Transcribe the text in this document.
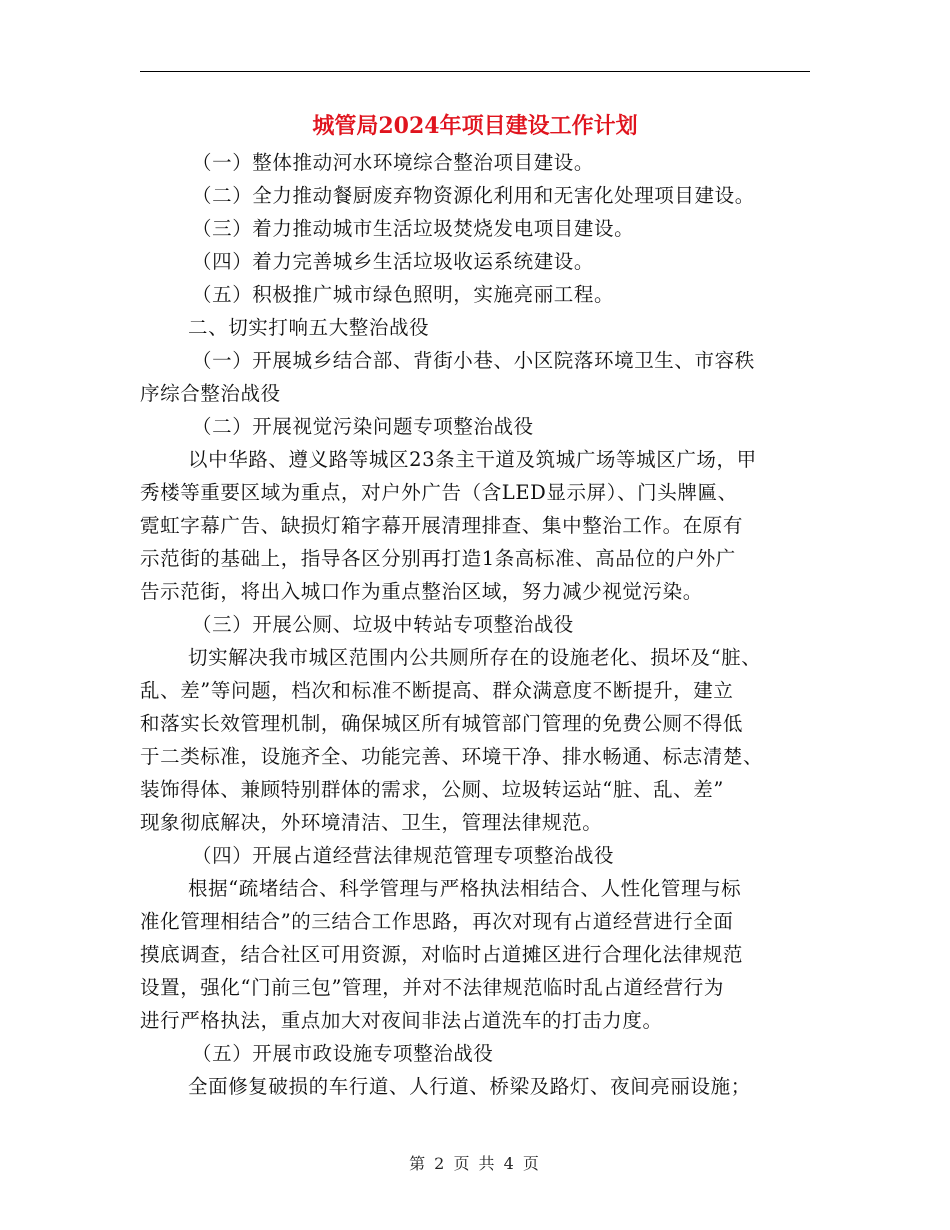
城管局2024年项目建设工作计划

（一）整体推动河水环境综合整治项目建设。

（二）全力推动餐厨废弃物资源化利用和无害化处理项目建设。

（三）着力推动城市生活垃圾焚烧发电项目建设。

（四）着力完善城乡生活垃圾收运系统建设。

（五）积极推广城市绿色照明，实施亮丽工程。

二、切实打响五大整治战役

（一）开展城乡结合部、背街小巷、小区院落环境卫生、市容秩

序综合整治战役

（二）开展视觉污染问题专项整治战役

以中华路、遵义路等城区23条主干道及筑城广场等城区广场，甲

秀楼等重要区域为重点，对户外广告（含LED显示屏）、门头牌匾、

霓虹字幕广告、缺损灯箱字幕开展清理排查、集中整治工作。在原有

示范街的基础上，指导各区分别再打造1条高标准、高品位的户外广

告示范街，将出入城口作为重点整治区域，努力减少视觉污染。

（三）开展公厕、垃圾中转站专项整治战役

切实解决我市城区范围内公共厕所存在的设施老化、损坏及“脏、

乱、差”等问题，档次和标准不断提高、群众满意度不断提升，建立

和落实长效管理机制，确保城区所有城管部门管理的免费公厕不得低

于二类标准，设施齐全、功能完善、环境干净、排水畅通、标志清楚、

装饰得体、兼顾特别群体的需求，公厕、垃圾转运站“脏、乱、差”

现象彻底解决，外环境清洁、卫生，管理法律规范。

（四）开展占道经营法律规范管理专项整治战役

根据“疏堵结合、科学管理与严格执法相结合、人性化管理与标

准化管理相结合”的三结合工作思路，再次对现有占道经营进行全面

摸底调查，结合社区可用资源，对临时占道摊区进行合理化法律规范

设置，强化“门前三包”管理，并对不法律规范临时乱占道经营行为

进行严格执法，重点加大对夜间非法占道洗车的打击力度。

（五）开展市政设施专项整治战役

全面修复破损的车行道、人行道、桥梁及路灯、夜间亮丽设施；

第 2 页 共 4 页
